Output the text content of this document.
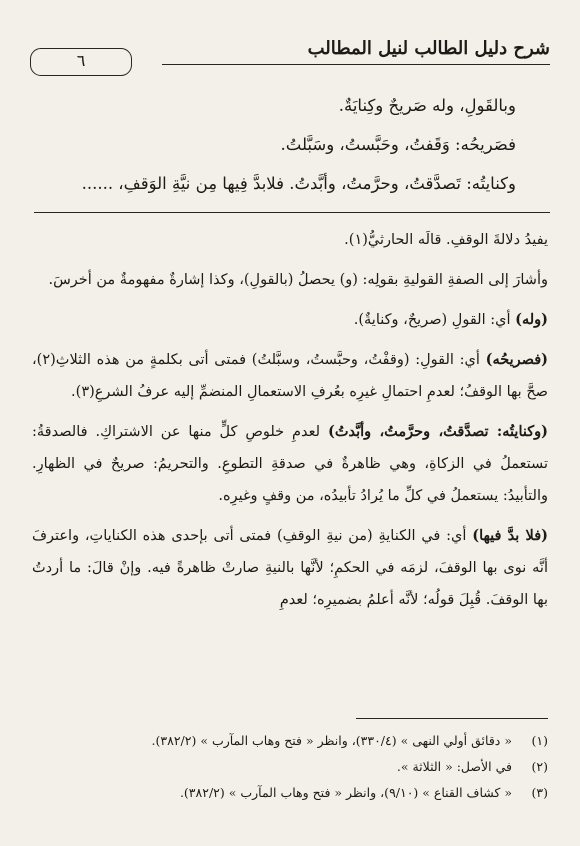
شرح دليل الطالب لنيل المطالب
٦

وبالقَولِ، وله صَريحٌ وكِنايَةٌ.

فصَريحُه: وَقَفتُ، وحَبَّستُ، وسَبَّلتُ.

وكنايتُه: تَصدَّقتُ، وحرَّمتُ، وأبَّدتُ. فلابدَّ فِيها مِن نيَّةِ الوَقفِ، ......

يفيدُ دلالةَ الوقفِ. قالَه الحارثيُّ(١).

وأشارَ إلى الصفةِ القوليةِ بقولِه: (و) يحصلُ (بالقولِ)، وكذا إشارةٌ مفهومةٌ من أخرسَ.

(وله) أي: القولِ (صريحٌ، وكنايةٌ).

(فصريحُه) أي: القولِ: (وقفْتُ، وحبَّستُ، وسبَّلتُ) فمتى أتى بكلمةٍ من هذه الثلاثِ(٢)، صحَّ بها الوقفُ؛ لعدمِ احتمالِ غيرِه بعُرفِ الاستعمالِ المنضمِّ إليه عرفُ الشرعِ(٣).

(وكنايتُه: تصدَّقتُ، وحرَّمتُ، وأبَّدتُ) لعدمِ خلوصِ كلٍّ منها عن الاشتراكِ. فالصدقةُ: تستعملُ في الزكاةِ، وهي ظاهرةٌ في صدقةِ التطوعِ. والتحريمُ: صريحٌ في الظهارِ. والتأبيدُ: يستعملُ في كلِّ ما يُرادُ تأبيدُه، من وقفٍ وغيرِه.

(فلا بدَّ فيها) أي: في الكنايةِ (من نيةِ الوقفِ) فمتى أتى بإحدى هذه الكناياتِ، واعترفَ أنَّه نوى بها الوقفَ، لزمَه في الحكمِ؛ لأنَّها بالنيةِ صارتْ ظاهرةً فيه. وإنْ قالَ: ما أردتُ بها الوقفَ. قُبِلَ قولُه؛ لأنَّه أعلمُ بضميرِه؛ لعدمِ

(١)« دقائق أولي النهى » (٣٣٠/٤)، وانظر « فتح وهاب المآرب » (٣٨٢/٢).

(٢)في الأصل: « الثلاثة ».

(٣)« كشاف القناع » (٩/١٠)، وانظر « فتح وهاب المآرب » (٣٨٢/٢).
